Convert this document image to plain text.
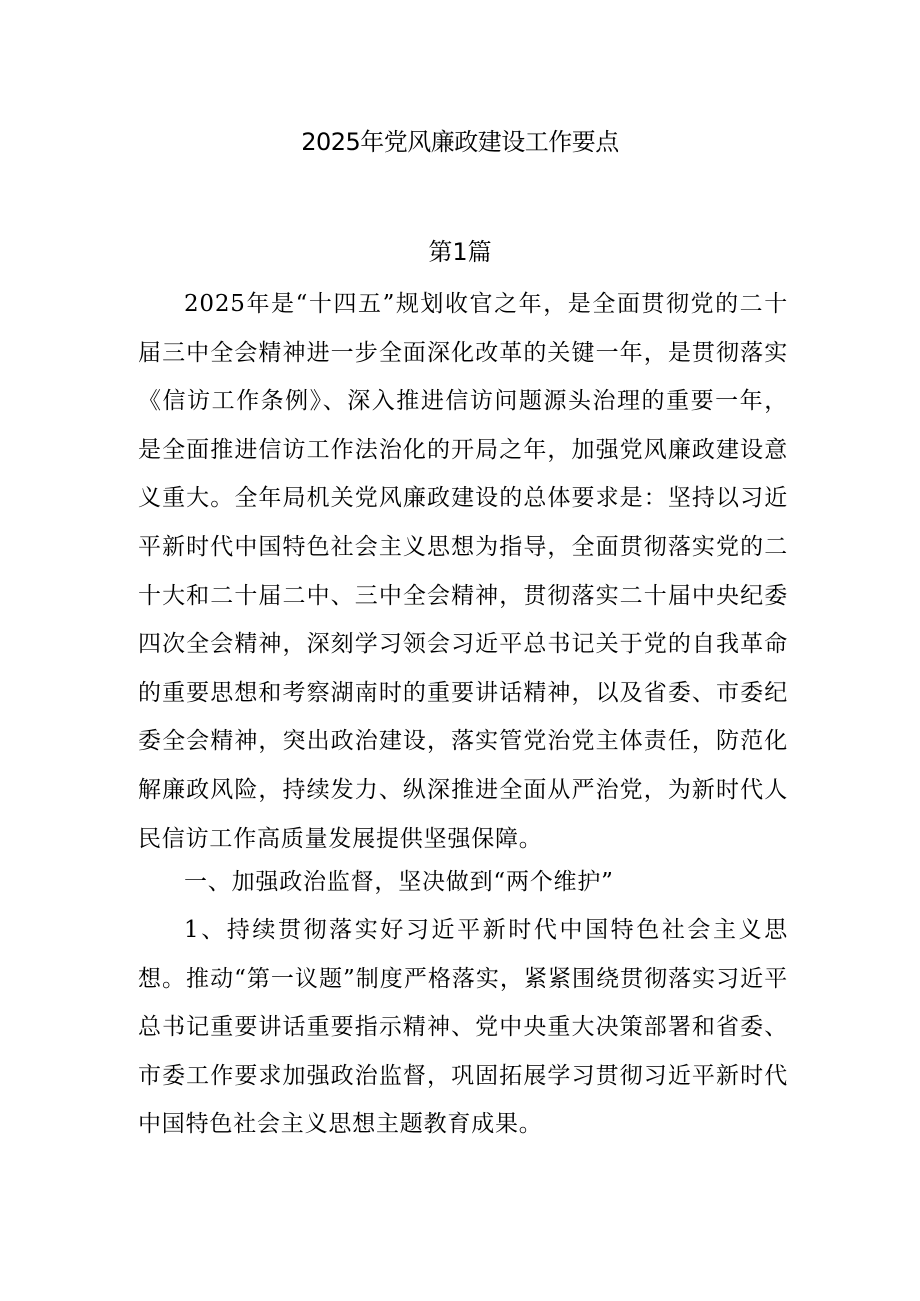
2025年党风廉政建设工作要点
第1篇

2025年是“十四五”规划收官之年，是全面贯彻党的二十届三中全会精神进一步全面深化改革的关键一年，是贯彻落实《信访工作条例》、深入推进信访问题源头治理的重要一年，是全面推进信访工作法治化的开局之年，加强党风廉政建设意义重大。全年局机关党风廉政建设的总体要求是：坚持以习近平新时代中国特色社会主义思想为指导，全面贯彻落实党的二十大和二十届二中、三中全会精神，贯彻落实二十届中央纪委四次全会精神，深刻学习领会习近平总书记关于党的自我革命的重要思想和考察湖南时的重要讲话精神，以及省委、市委纪委全会精神，突出政治建设，落实管党治党主体责任，防范化解廉政风险，持续发力、纵深推进全面从严治党，为新时代人民信访工作高质量发展提供坚强保障。

一、加强政治监督，坚决做到“两个维护”

1、持续贯彻落实好习近平新时代中国特色社会主义思想。推动“第一议题”制度严格落实，紧紧围绕贯彻落实习近平总书记重要讲话重要指示精神、党中央重大决策部署和省委、市委工作要求加强政治监督，巩固拓展学习贯彻习近平新时代中国特色社会主义思想主题教育成果。
